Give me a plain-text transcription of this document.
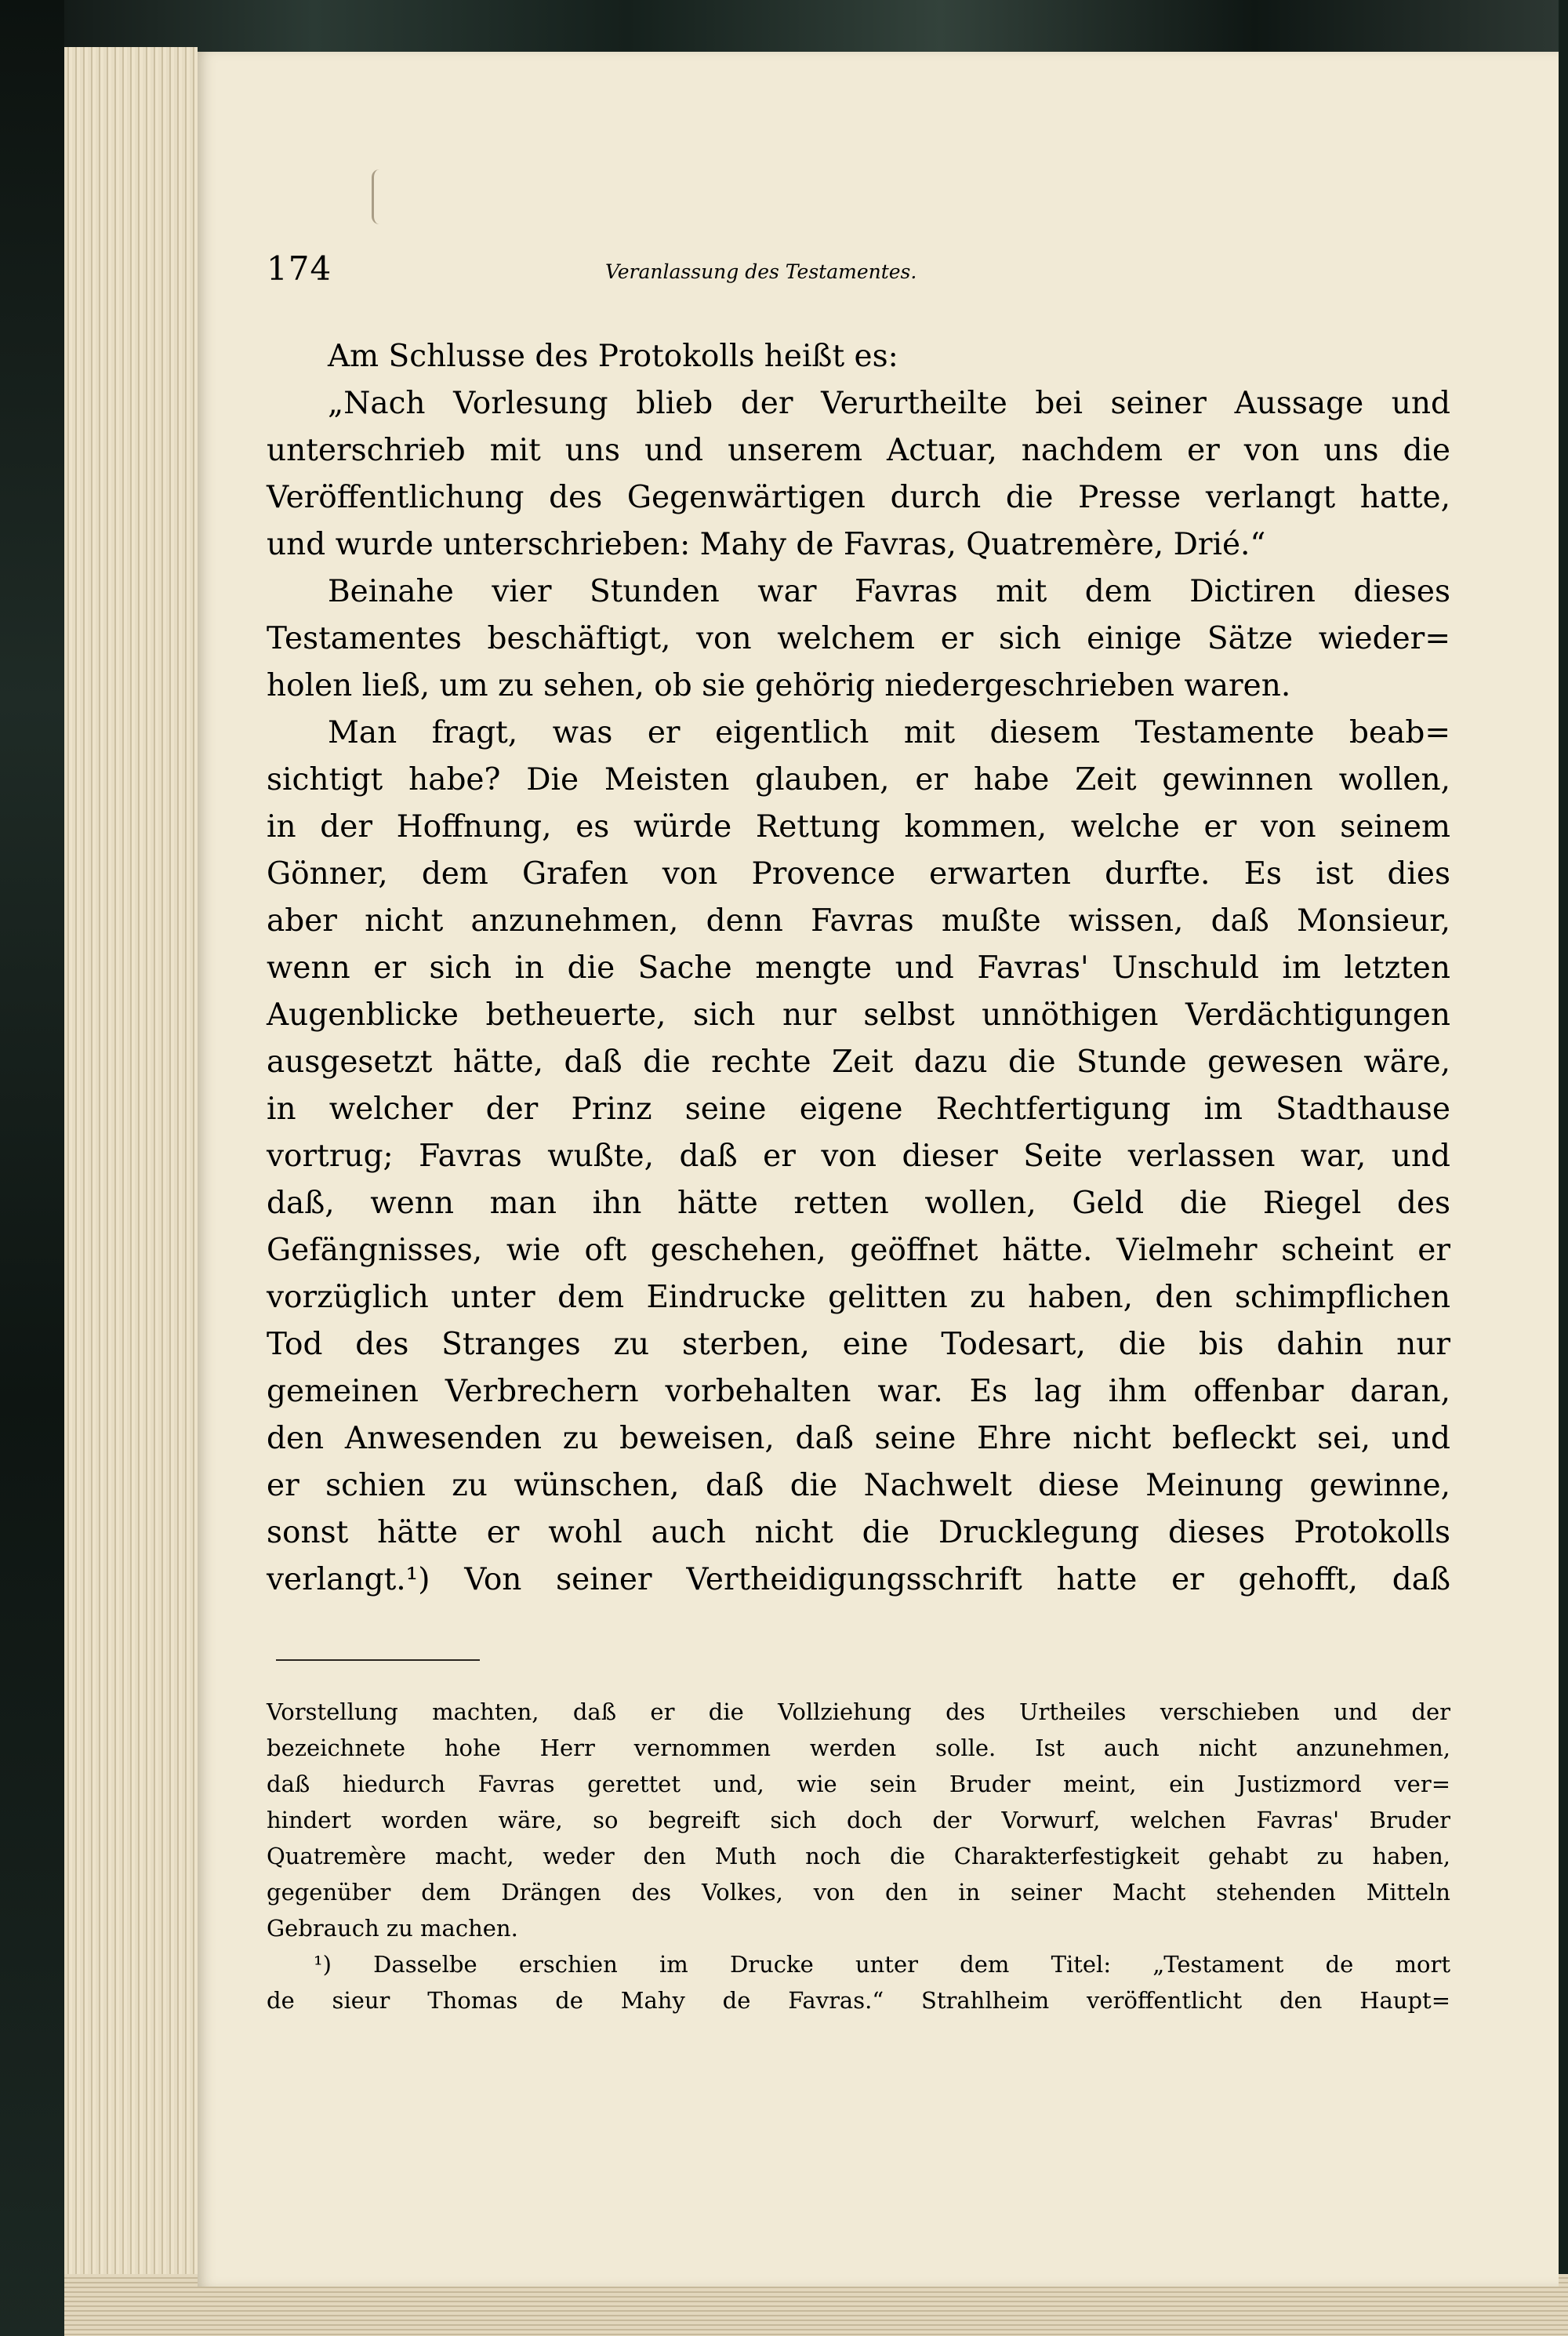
174	Veranlassung des Testamentes.
Am Schlusse des Protokolls heißt es:
„Nach Vorlesung blieb der Verurtheilte bei seiner Aussage und
unterschrieb mit uns und unserem Actuar, nachdem er von uns die
Veröffentlichung des Gegenwärtigen durch die Presse verlangt hatte,
und wurde unterschrieben: Mahy de Favras, Quatremère, Drié.“
Beinahe vier Stunden war Favras mit dem Dictiren dieses
Testamentes beschäftigt, von welchem er sich einige Sätze wieder=
holen ließ, um zu sehen, ob sie gehörig niedergeschrieben waren.
Man fragt, was er eigentlich mit diesem Testamente beab=
sichtigt habe? Die Meisten glauben, er habe Zeit gewinnen wollen,
in der Hoffnung, es würde Rettung kommen, welche er von seinem
Gönner, dem Grafen von Provence erwarten durfte. Es ist dies
aber nicht anzunehmen, denn Favras mußte wissen, daß Monsieur,
wenn er sich in die Sache mengte und Favras' Unschuld im letzten
Augenblicke betheuerte, sich nur selbst unnöthigen Verdächtigungen
ausgesetzt hätte, daß die rechte Zeit dazu die Stunde gewesen wäre,
in welcher der Prinz seine eigene Rechtfertigung im Stadthause
vortrug; Favras wußte, daß er von dieser Seite verlassen war, und
daß, wenn man ihn hätte retten wollen, Geld die Riegel des
Gefängnisses, wie oft geschehen, geöffnet hätte. Vielmehr scheint er
vorzüglich unter dem Eindrucke gelitten zu haben, den schimpflichen
Tod des Stranges zu sterben, eine Todesart, die bis dahin nur
gemeinen Verbrechern vorbehalten war. Es lag ihm offenbar daran,
den Anwesenden zu beweisen, daß seine Ehre nicht befleckt sei, und
er schien zu wünschen, daß die Nachwelt diese Meinung gewinne,
sonst hätte er wohl auch nicht die Drucklegung dieses Protokolls
verlangt.¹) Von seiner Vertheidigungsschrift hatte er gehofft, daß
Vorstellung machten, daß er die Vollziehung des Urtheiles verschieben und der
bezeichnete hohe Herr vernommen werden solle. Ist auch nicht anzunehmen,
daß hiedurch Favras gerettet und, wie sein Bruder meint, ein Justizmord ver=
hindert worden wäre, so begreift sich doch der Vorwurf, welchen Favras' Bruder
Quatremère macht, weder den Muth noch die Charakterfestigkeit gehabt zu haben,
gegenüber dem Drängen des Volkes, von den in seiner Macht stehenden Mitteln
Gebrauch zu machen.
¹) Dasselbe erschien im Drucke unter dem Titel: „Testament de mort
de sieur Thomas de Mahy de Favras.“ Strahlheim veröffentlicht den Haupt=
